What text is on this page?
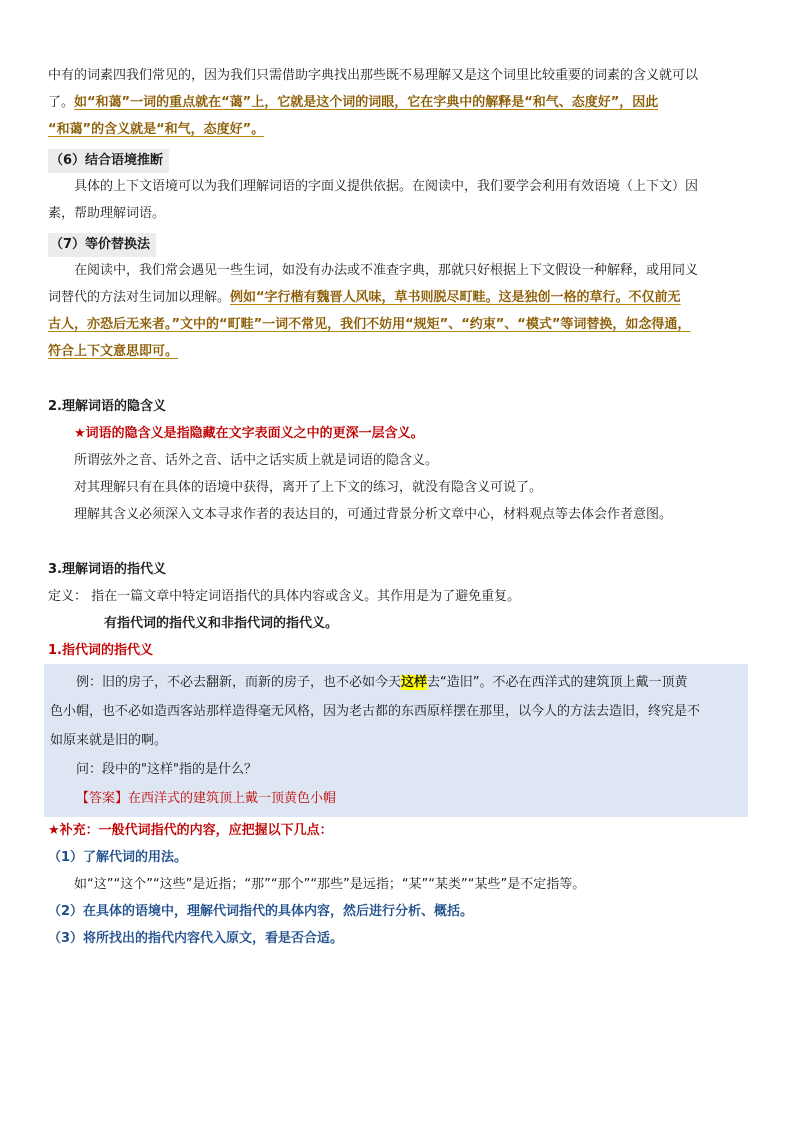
中有的词素四我们常见的，因为我们只需借助字典找出那些既不易理解又是这个词里比较重要的词素的含义就可以
了。如“和蔼”一词的重点就在“蔼”上，它就是这个词的词眼，它在字典中的解释是“和气、态度好”，因此
“和蔼”的含义就是“和气，态度好”。

（6）结合语境推断

具体的上下文语境可以为我们理解词语的字面义提供依据。在阅读中，我们要学会利用有效语境（上下文）因

素，帮助理解词语。

（7）等价替换法

在阅读中，我们常会遇见一些生词，如没有办法或不准查字典，那就只好根据上下文假设一种解释，或用同义

词替代的方法对生词加以理解。例如“字行楷有魏晋人风味，草书则脱尽町畦。这是独创一格的草行。不仅前无
古人，亦恐后无来者。”文中的“町畦”一词不常见，我们不妨用“规矩”、“约束”、“模式”等词替换，如念得通，
符合上下文意思即可。

2.理解词语的隐含义

★词语的隐含义是指隐藏在文字表面义之中的更深一层含义。

所谓弦外之音、话外之音、话中之话实质上就是词语的隐含义。

对其理解只有在具体的语境中获得，离开了上下文的练习，就没有隐含义可说了。

理解其含义必须深入文本寻求作者的表达目的，可通过背景分析文章中心，材料观点等去体会作者意图。

3.理解词语的指代义

定义： 指在一篇文章中特定词语指代的具体内容或含义。其作用是为了避免重复。

有指代词的指代义和非指代词的指代义。

1.指代词的指代义

例：旧的房子，不必去翻新，而新的房子，也不必如今天这样去“造旧”。不必在西洋式的建筑顶上戴一顶黄

色小帽，也不必如造西客站那样造得毫无风格，因为老古都的东西原样摆在那里，以今人的方法去造旧，终究是不

如原来就是旧的啊。

问：段中的"这样"指的是什么？

【答案】在西洋式的建筑顶上戴一顶黄色小帽

★补充：一般代词指代的内容，应把握以下几点：

（1）了解代词的用法。

如“这”“这个”“这些”是近指；“那”“那个”“那些”是远指；“某”“某类”“某些”是不定指等。

（2）在具体的语境中，理解代词指代的具体内容，然后进行分析、概括。

（3）将所找出的指代内容代入原文，看是否合适。
